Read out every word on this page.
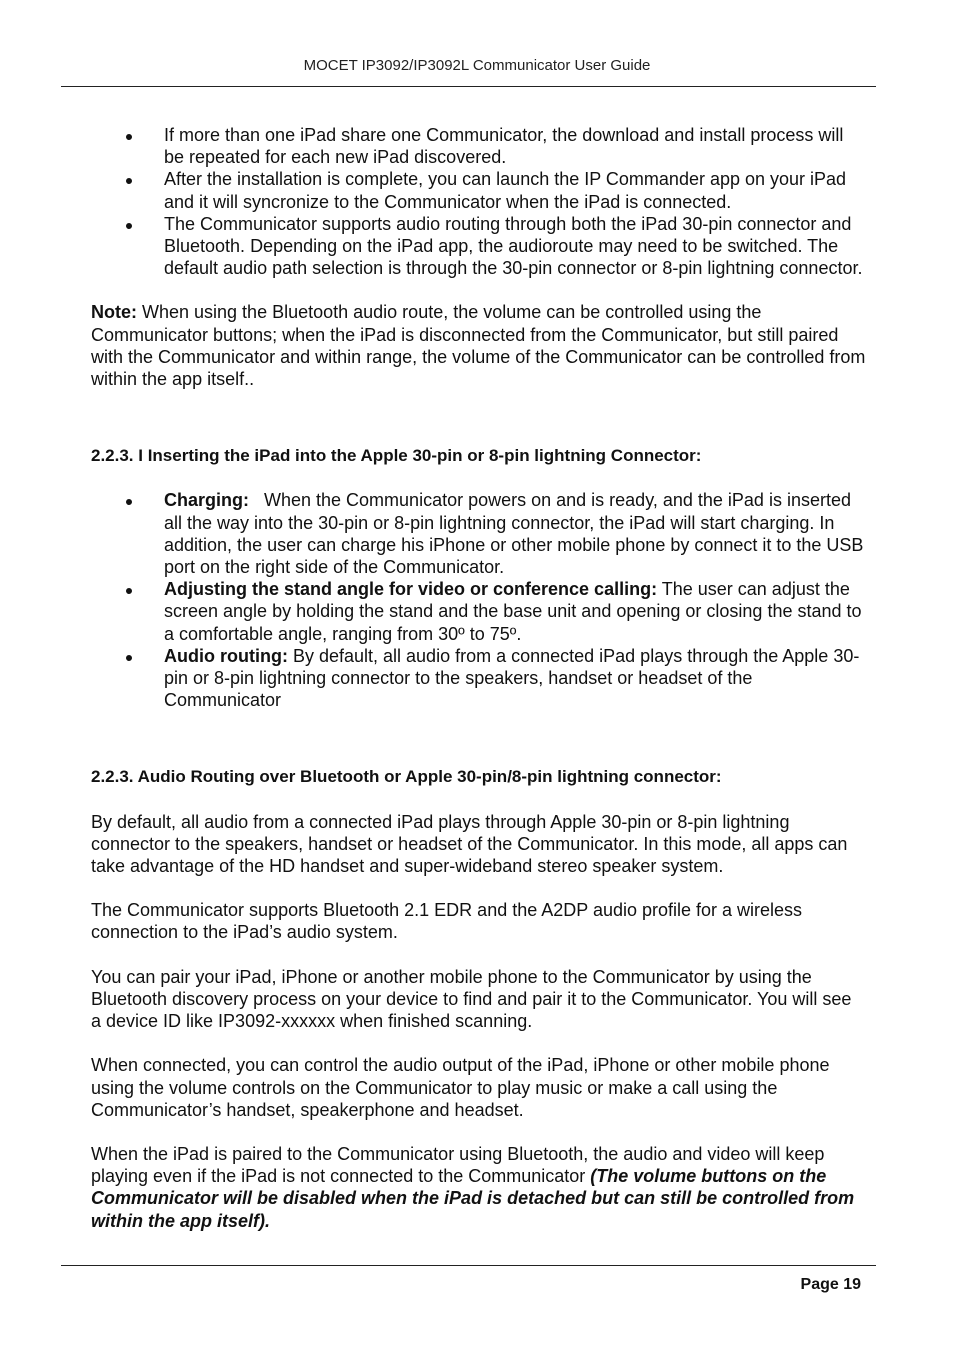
MOCET IP3092/IP3092L Communicator User Guide
If more than one iPad share one Communicator, the download and install process will be repeated for each new iPad discovered.
After the installation is complete, you can launch the IP Commander app on your iPad and it will syncronize to the Communicator when the iPad is connected.
The Communicator supports audio routing through both the iPad 30-pin connector and Bluetooth. Depending on the iPad app, the audioroute may need to be switched. The default audio path selection is through the 30-pin connector or 8-pin lightning connector.

Note: When using the Bluetooth audio route, the volume can be controlled using the Communicator buttons; when the iPad is disconnected from the Communicator, but still paired with the Communicator and within range, the volume of the Communicator can be controlled from within the app itself..

2.2.3. I Inserting the iPad into the Apple 30-pin or 8-pin lightning Connector:

Charging:   When the Communicator powers on and is ready, and the iPad is inserted all the way into the 30-pin or 8-pin lightning connector, the iPad will start charging. In addition, the user can charge his iPhone or other mobile phone by connect it to the USB port on the right side of the Communicator.
Adjusting the stand angle for video or conference calling: The user can adjust the screen angle by holding the stand and the base unit and opening or closing the stand to a comfortable angle, ranging from 30º to 75º.
Audio routing: By default, all audio from a connected iPad plays through the Apple 30-pin or 8-pin lightning connector to the speakers, handset or headset of the Communicator

2.2.3. Audio Routing over Bluetooth or Apple 30-pin/8-pin lightning connector:

By default, all audio from a connected iPad plays through Apple 30-pin or 8-pin lightning connector to the speakers, handset or headset of the Communicator. In this mode, all apps can take advantage of the HD handset and super-wideband stereo speaker system.

The Communicator supports Bluetooth 2.1 EDR and the A2DP audio profile for a wireless connection to the iPad’s audio system.

You can pair your iPad, iPhone or another mobile phone to the Communicator by using the Bluetooth discovery process on your device to find and pair it to the Communicator. You will see a device ID like IP3092-xxxxxx when finished scanning.

When connected, you can control the audio output of the iPad, iPhone or other mobile phone using the volume controls on the Communicator to play music or make a call using the Communicator’s handset, speakerphone and headset.

When the iPad is paired to the Communicator using Bluetooth, the audio and video will keep playing even if the iPad is not connected to the Communicator (The volume buttons on the Communicator will be disabled when the iPad is detached but can still be controlled from within the app itself).

Page 19
